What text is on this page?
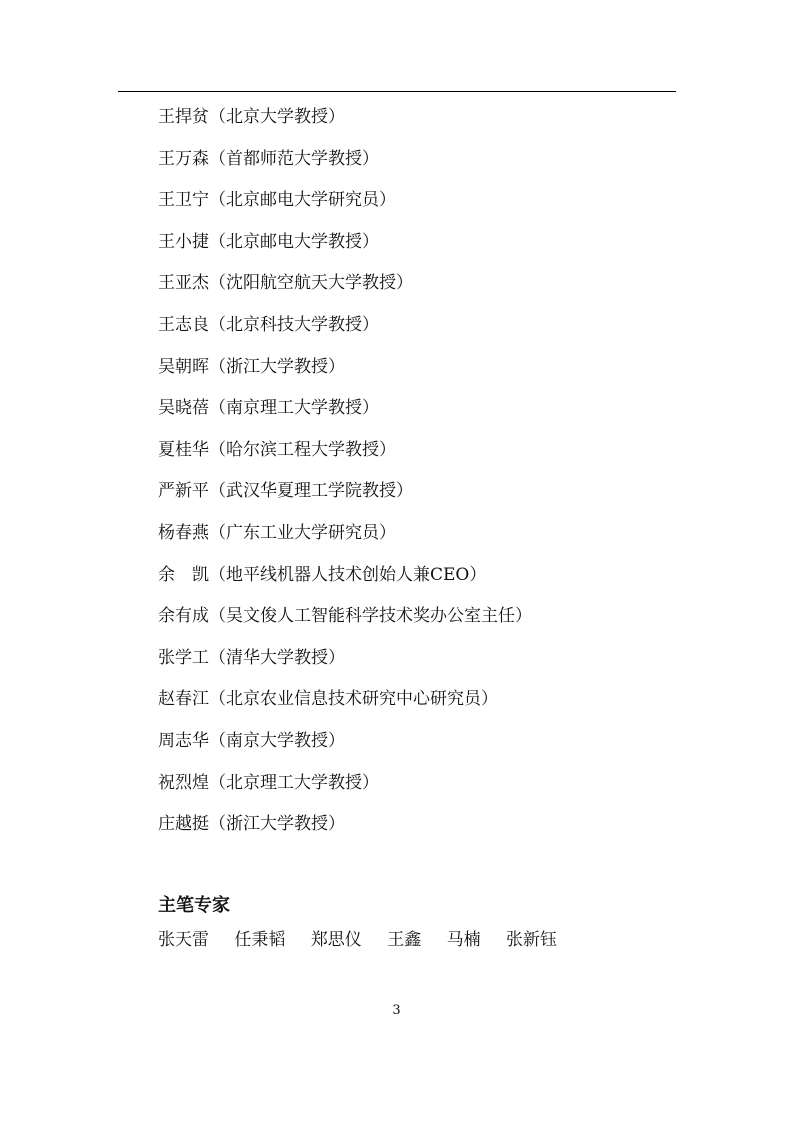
王捍贫（北京大学教授）
王万森（首都师范大学教授）
王卫宁（北京邮电大学研究员）
王小捷（北京邮电大学教授）
王亚杰（沈阳航空航天大学教授）
王志良（北京科技大学教授）
吴朝晖（浙江大学教授）
吴晓蓓（南京理工大学教授）
夏桂华（哈尔滨工程大学教授）
严新平（武汉华夏理工学院教授）
杨春燕（广东工业大学研究员）
余　凯（地平线机器人技术创始人兼CEO）
余有成（吴文俊人工智能科学技术奖办公室主任）
张学工（清华大学教授）
赵春江（北京农业信息技术研究中心研究员）
周志华（南京大学教授）
祝烈煌（北京理工大学教授）
庄越挺（浙江大学教授）
主笔专家
张天雷 任秉韬 郑思仪 王鑫 马楠 张新钰
3
